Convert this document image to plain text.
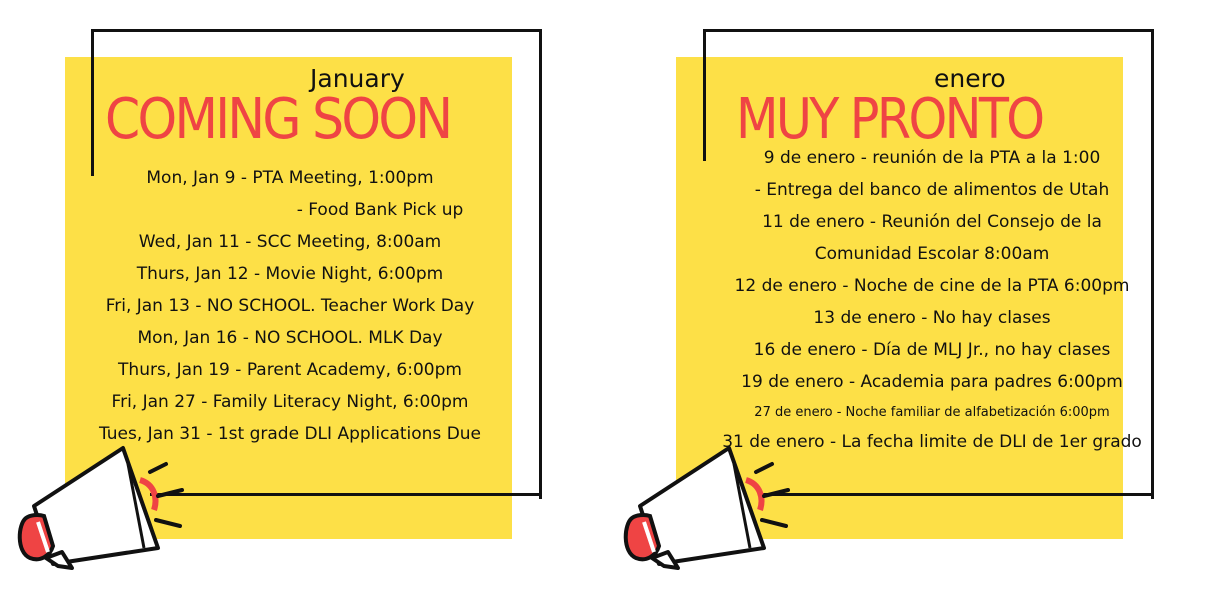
January
COMING SOON
Mon, Jan 9 - PTA Meeting, 1:00pm
- Food Bank Pick up
Wed, Jan 11 - SCC Meeting, 8:00am
Thurs, Jan 12 - Movie Night, 6:00pm
Fri, Jan 13 - NO SCHOOL. Teacher Work Day
Mon, Jan 16 - NO SCHOOL. MLK Day
Thurs, Jan 19 - Parent Academy, 6:00pm
Fri, Jan 27 - Family Literacy Night, 6:00pm
Tues, Jan 31 - 1st grade DLI Applications Due
enero
MUY PRONTO
9 de enero - reunión de la PTA a la 1:00
- Entrega del banco de alimentos de Utah
11 de enero - Reunión del Consejo de la
Comunidad Escolar 8:00am
12 de enero - Noche de cine de la PTA 6:00pm
13 de enero - No hay clases
16 de enero - Día de MLJ Jr., no hay clases
19 de enero - Academia para padres 6:00pm
27 de enero - Noche familiar de alfabetización 6:00pm
31 de enero - La fecha limite de DLI de 1er grado
